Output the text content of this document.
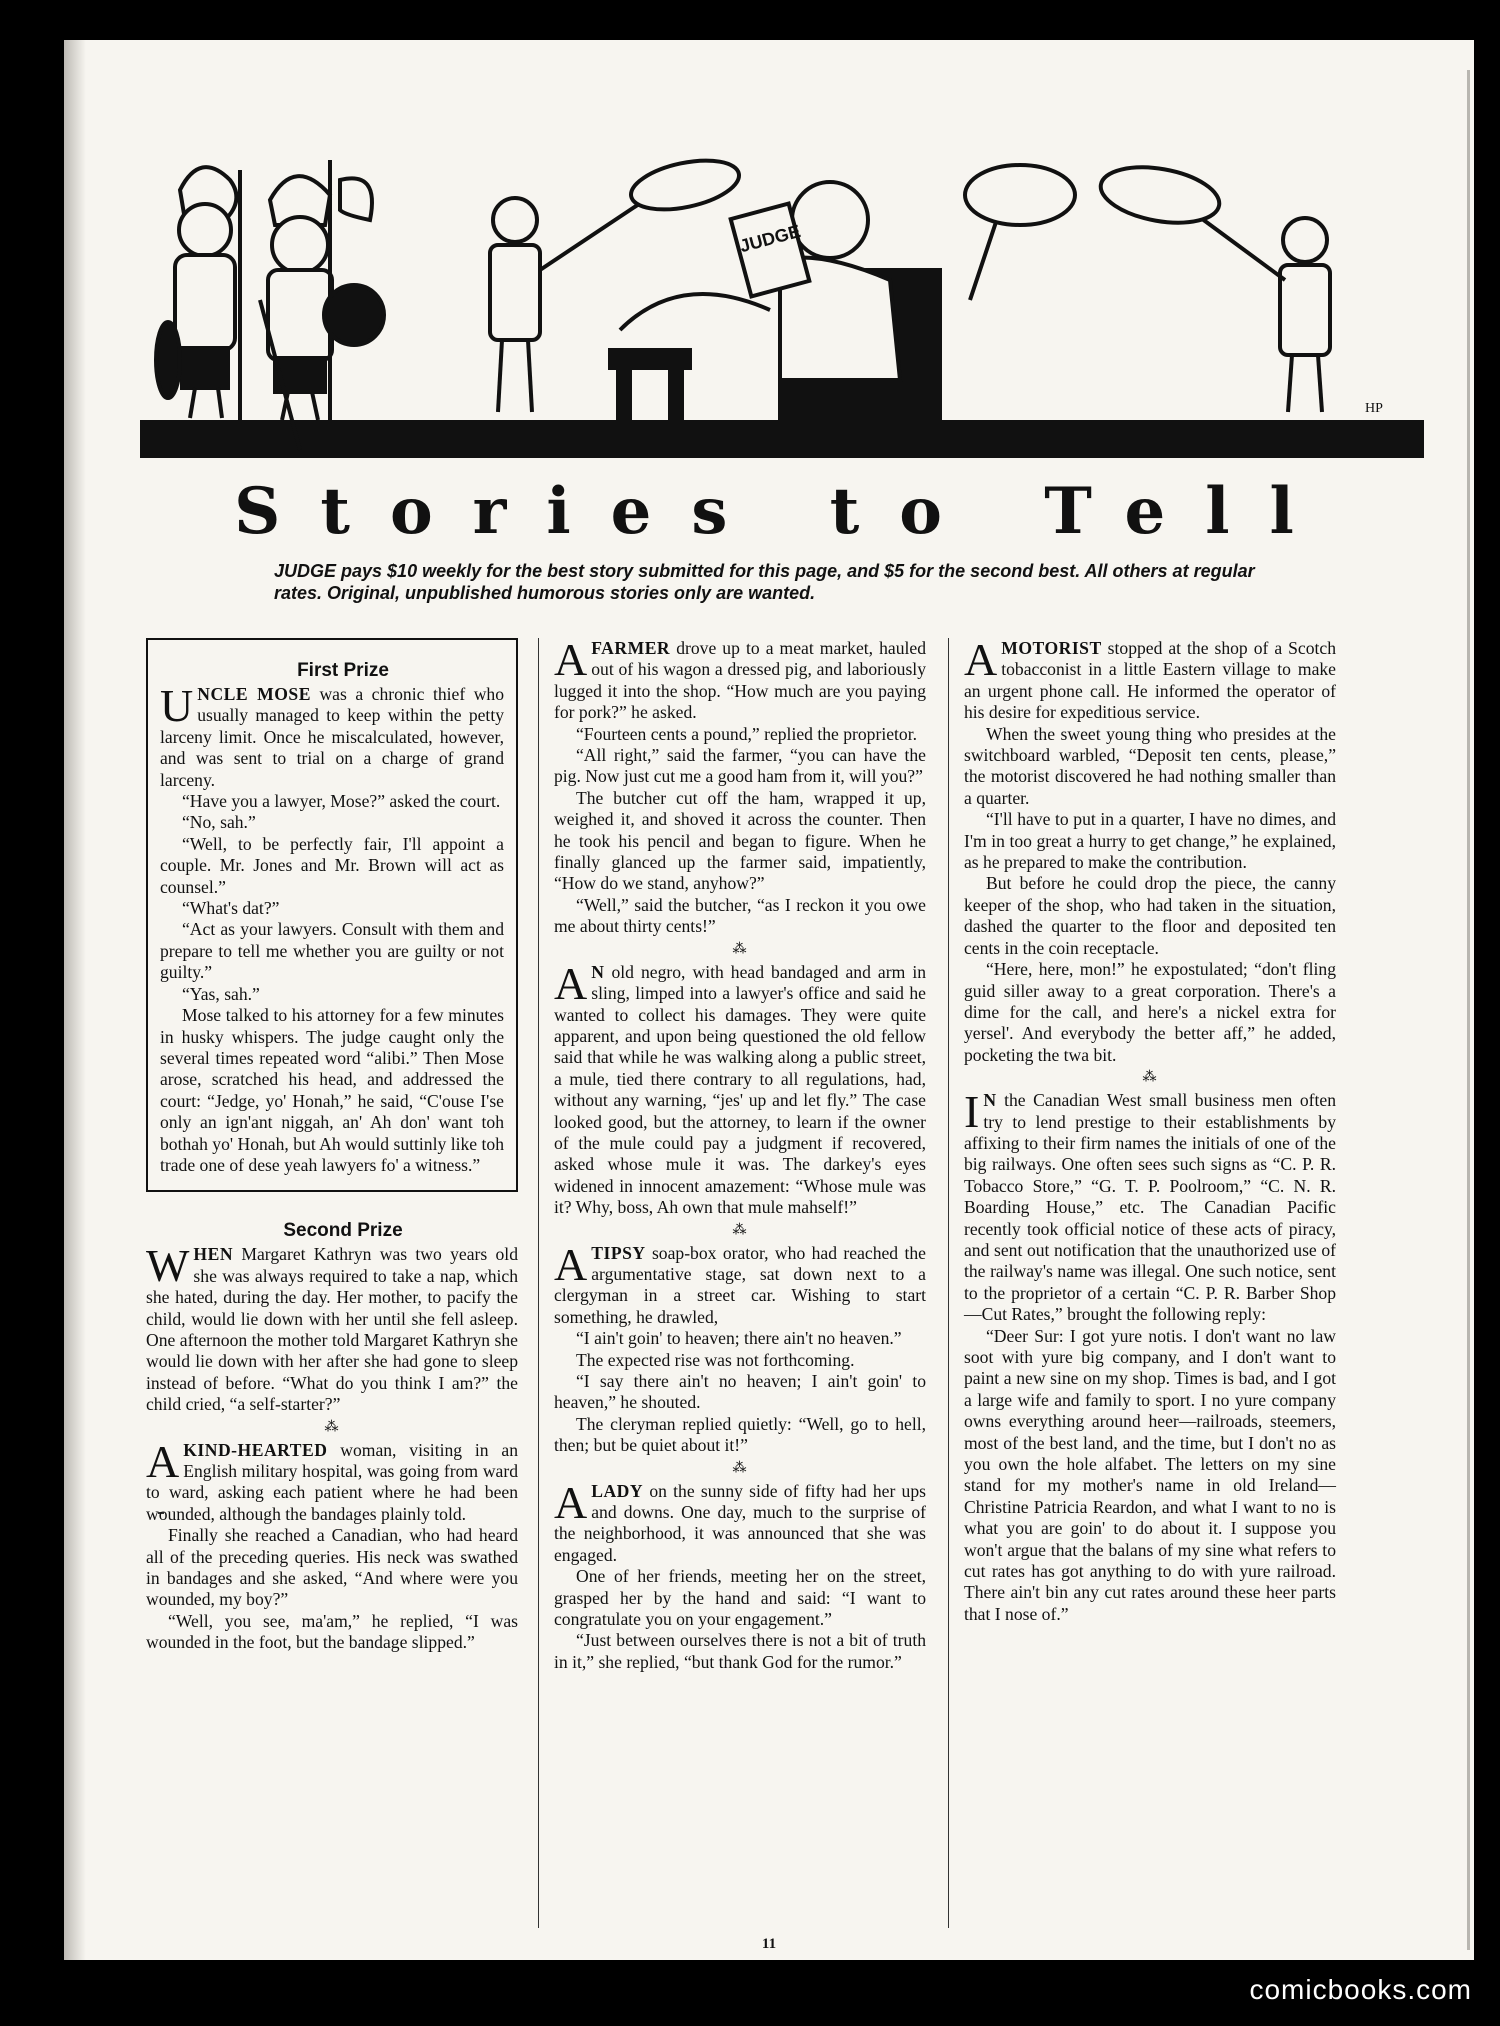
JUDGE
HP
Stories to Tell

JUDGE pays $10 weekly for the best story submitted for this page, and $5 for the second best. All others at regular rates. Original, unpublished humorous stories only are wanted.

First Prize

UNCLE MOSE was a chronic thief who usually managed to keep within the petty larceny limit. Once he miscalculated, however, and was sent to trial on a charge of grand larceny.

“Have you a lawyer, Mose?” asked the court.

“No, sah.”

“Well, to be perfectly fair, I'll appoint a couple. Mr. Jones and Mr. Brown will act as counsel.”

“What's dat?”

“Act as your lawyers. Consult with them and prepare to tell me whether you are guilty or not guilty.”

“Yas, sah.”

Mose talked to his attorney for a few minutes in husky whispers. The judge caught only the several times repeated word “alibi.” Then Mose arose, scratched his head, and addressed the court: “Jedge, yo' Honah,” he said, “C'ouse I'se only an ign'ant niggah, an' Ah don' want toh bothah yo' Honah, but Ah would suttinly like toh trade one of dese yeah lawyers fo' a witness.”

Second Prize

WHEN Margaret Kathryn was two years old she was always required to take a nap, which she hated, during the day. Her mother, to pacify the child, would lie down with her until she fell asleep. One afternoon the mother told Margaret Kathryn she would lie down with her after she had gone to sleep instead of before. “What do you think I am?” the child cried, “a self-starter?”

⁂

A KIND-HEARTED woman, visiting in an English military hospital, was going from ward to ward, asking each patient where he had been wounded, although the bandages plainly told.

Finally she reached a Canadian, who had heard all of the preceding queries. His neck was swathed in bandages and she asked, “And where were you wounded, my boy?”

“Well, you see, ma'am,” he replied, “I was wounded in the foot, but the bandage slipped.”

A FARMER drove up to a meat market, hauled out of his wagon a dressed pig, and laboriously lugged it into the shop. “How much are you paying for pork?” he asked.

“Fourteen cents a pound,” replied the proprietor.

“All right,” said the farmer, “you can have the pig. Now just cut me a good ham from it, will you?”

The butcher cut off the ham, wrapped it up, weighed it, and shoved it across the counter. Then he took his pencil and began to figure. When he finally glanced up the farmer said, impatiently, “How do we stand, anyhow?”

“Well,” said the butcher, “as I reckon it you owe me about thirty cents!”

⁂

A N old negro, with head bandaged and arm in sling, limped into a lawyer's office and said he wanted to collect his damages. They were quite apparent, and upon being questioned the old fellow said that while he was walking along a public street, a mule, tied there contrary to all regulations, had, without any warning, “jes' up and let fly.” The case looked good, but the attorney, to learn if the owner of the mule could pay a judgment if recovered, asked whose mule it was. The darkey's eyes widened in innocent amazement: “Whose mule was it? Why, boss, Ah own that mule mahself!”

⁂

A TIPSY soap-box orator, who had reached the argumentative stage, sat down next to a clergyman in a street car. Wishing to start something, he drawled,

“I ain't goin' to heaven; there ain't no heaven.”

The expected rise was not forthcoming.

“I say there ain't no heaven; I ain't goin' to heaven,” he shouted.

The cleryman replied quietly: “Well, go to hell, then; but be quiet about it!”

⁂

A LADY on the sunny side of fifty had her ups and downs. One day, much to the surprise of the neighborhood, it was announced that she was engaged.

One of her friends, meeting her on the street, grasped her by the hand and said: “I want to congratulate you on your engagement.”

“Just between ourselves there is not a bit of truth in it,” she replied, “but thank God for the rumor.”

A MOTORIST stopped at the shop of a Scotch tobacconist in a little Eastern village to make an urgent phone call. He informed the operator of his desire for expeditious service.

When the sweet young thing who presides at the switchboard warbled, “Deposit ten cents, please,” the motorist discovered he had nothing smaller than a quarter.

“I'll have to put in a quarter, I have no dimes, and I'm in too great a hurry to get change,” he explained, as he prepared to make the contribution.

But before he could drop the piece, the canny keeper of the shop, who had taken in the situation, dashed the quarter to the floor and deposited ten cents in the coin receptacle.

“Here, here, mon!” he expostulated; “don't fling guid siller away to a great corporation. There's a dime for the call, and here's a nickel extra for yersel'. And everybody the better aff,” he added, pocketing the twa bit.

⁂

I N the Canadian West small business men often try to lend prestige to their establishments by affixing to their firm names the initials of one of the big railways. One often sees such signs as “C. P. R. Tobacco Store,” “G. T. P. Poolroom,” “C. N. R. Boarding House,” etc. The Canadian Pacific recently took official notice of these acts of piracy, and sent out notification that the unauthorized use of the railway's name was illegal. One such notice, sent to the proprietor of a certain “C. P. R. Barber Shop—Cut Rates,” brought the following reply:

“Deer Sur: I got yure notis. I don't want no law soot with yure big company, and I don't want to paint a new sine on my shop. Times is bad, and I got a large wife and family to sport. I no yure company owns everything around heer—railroads, steemers, most of the best land, and the time, but I don't no as you own the hole alfabet. The letters on my sine stand for my mother's name in old Ireland—Christine Patricia Reardon, and what I want to no is what you are goin' to do about it. I suppose you won't argue that the balans of my sine what refers to cut rates has got anything to do with yure railroad. There ain't bin any cut rates around these heer parts that I nose of.”

11
comicbooks.com
